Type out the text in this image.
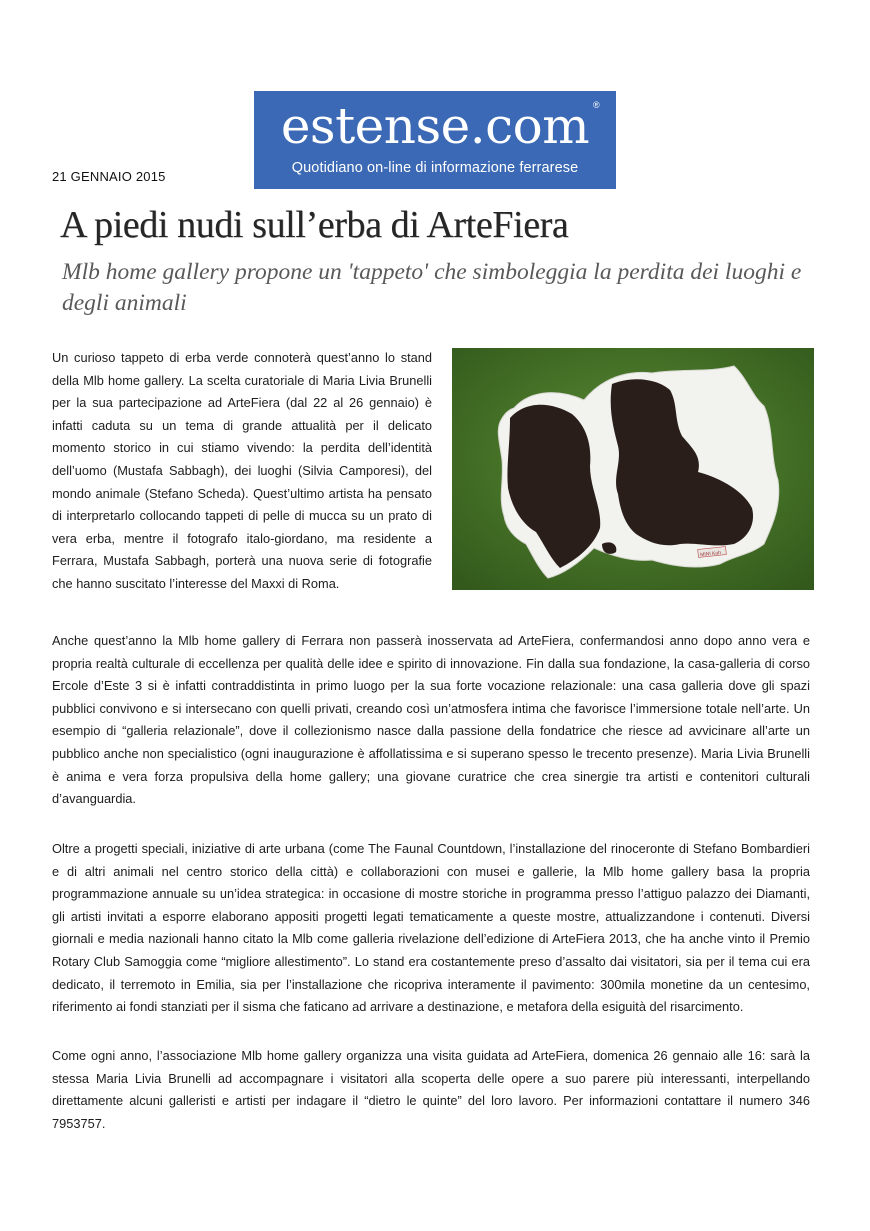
estense.com ®
Quotidiano on-line di informazione ferrarese
21 GENNAIO 2015
A piedi nudi sull’erba di ArteFiera

Mlb home gallery propone un 'tappeto' che simboleggia la perdita dei luoghi e degli animali

MINI Kuh

Un curioso tappeto di erba verde connoterà quest’anno lo stand della Mlb home gallery. La scelta curatoriale di Maria Livia Brunelli per la sua partecipazione ad ArteFiera (dal 22 al 26 gennaio) è infatti caduta su un tema di grande attualità per il delicato momento storico in cui stiamo vivendo: la perdita dell’identità dell’uomo (Mustafa Sabbagh), dei luoghi (Silvia Camporesi), del mondo animale (Stefano Scheda). Quest’ultimo artista ha pensato di interpretarlo collocando tappeti di pelle di mucca su un prato di vera erba, mentre il fotografo italo-giordano, ma residente a Ferrara, Mustafa Sabbagh, porterà una nuova serie di fotografie che hanno suscitato l’interesse del Maxxi di Roma.

Anche quest’anno la Mlb home gallery di Ferrara non passerà inosservata ad ArteFiera, confermandosi anno dopo anno vera e propria realtà culturale di eccellenza per qualità delle idee e spirito di innovazione. Fin dalla sua fondazione, la casa-galleria di corso Ercole d’Este 3 si è infatti contraddistinta in primo luogo per la sua forte vocazione relazionale: una casa galleria dove gli spazi pubblici convivono e si intersecano con quelli privati, creando così un’atmosfera intima che favorisce l’immersione totale nell’arte. Un esempio di “galleria relazionale”, dove il collezionismo nasce dalla passione della fondatrice che riesce ad avvicinare all’arte un pubblico anche non specialistico (ogni inaugurazione è affollatissima e si superano spesso le trecento presenze). Maria Livia Brunelli è anima e vera forza propulsiva della home gallery; una giovane curatrice che crea sinergie tra artisti e contenitori culturali d’avanguardia.

Oltre a progetti speciali, iniziative di arte urbana (come The Faunal Countdown, l’installazione del rinoceronte di Stefano Bombardieri e di altri animali nel centro storico della città) e collaborazioni con musei e gallerie, la Mlb home gallery basa la propria programmazione annuale su un’idea strategica: in occasione di mostre storiche in programma presso l’attiguo palazzo dei Diamanti, gli artisti invitati a esporre elaborano appositi progetti legati tematicamente a queste mostre, attualizzandone i contenuti. Diversi giornali e media nazionali hanno citato la Mlb come galleria rivelazione dell’edizione di ArteFiera 2013, che ha anche vinto il Premio Rotary Club Samoggia come “migliore allestimento”. Lo stand era costantemente preso d’assalto dai visitatori, sia per il tema cui era dedicato, il terremoto in Emilia, sia per l’installazione che ricopriva interamente il pavimento: 300mila monetine da un centesimo, riferimento ai fondi stanziati per il sisma che faticano ad arrivare a destinazione, e metafora della esiguità del risarcimento.

Come ogni anno, l’associazione Mlb home gallery organizza una visita guidata ad ArteFiera, domenica 26 gennaio alle 16: sarà la stessa Maria Livia Brunelli ad accompagnare i visitatori alla scoperta delle opere a suo parere più interessanti, interpellando direttamente alcuni galleristi e artisti per indagare il “dietro le quinte” del loro lavoro. Per informazioni contattare il numero 346 7953757.
